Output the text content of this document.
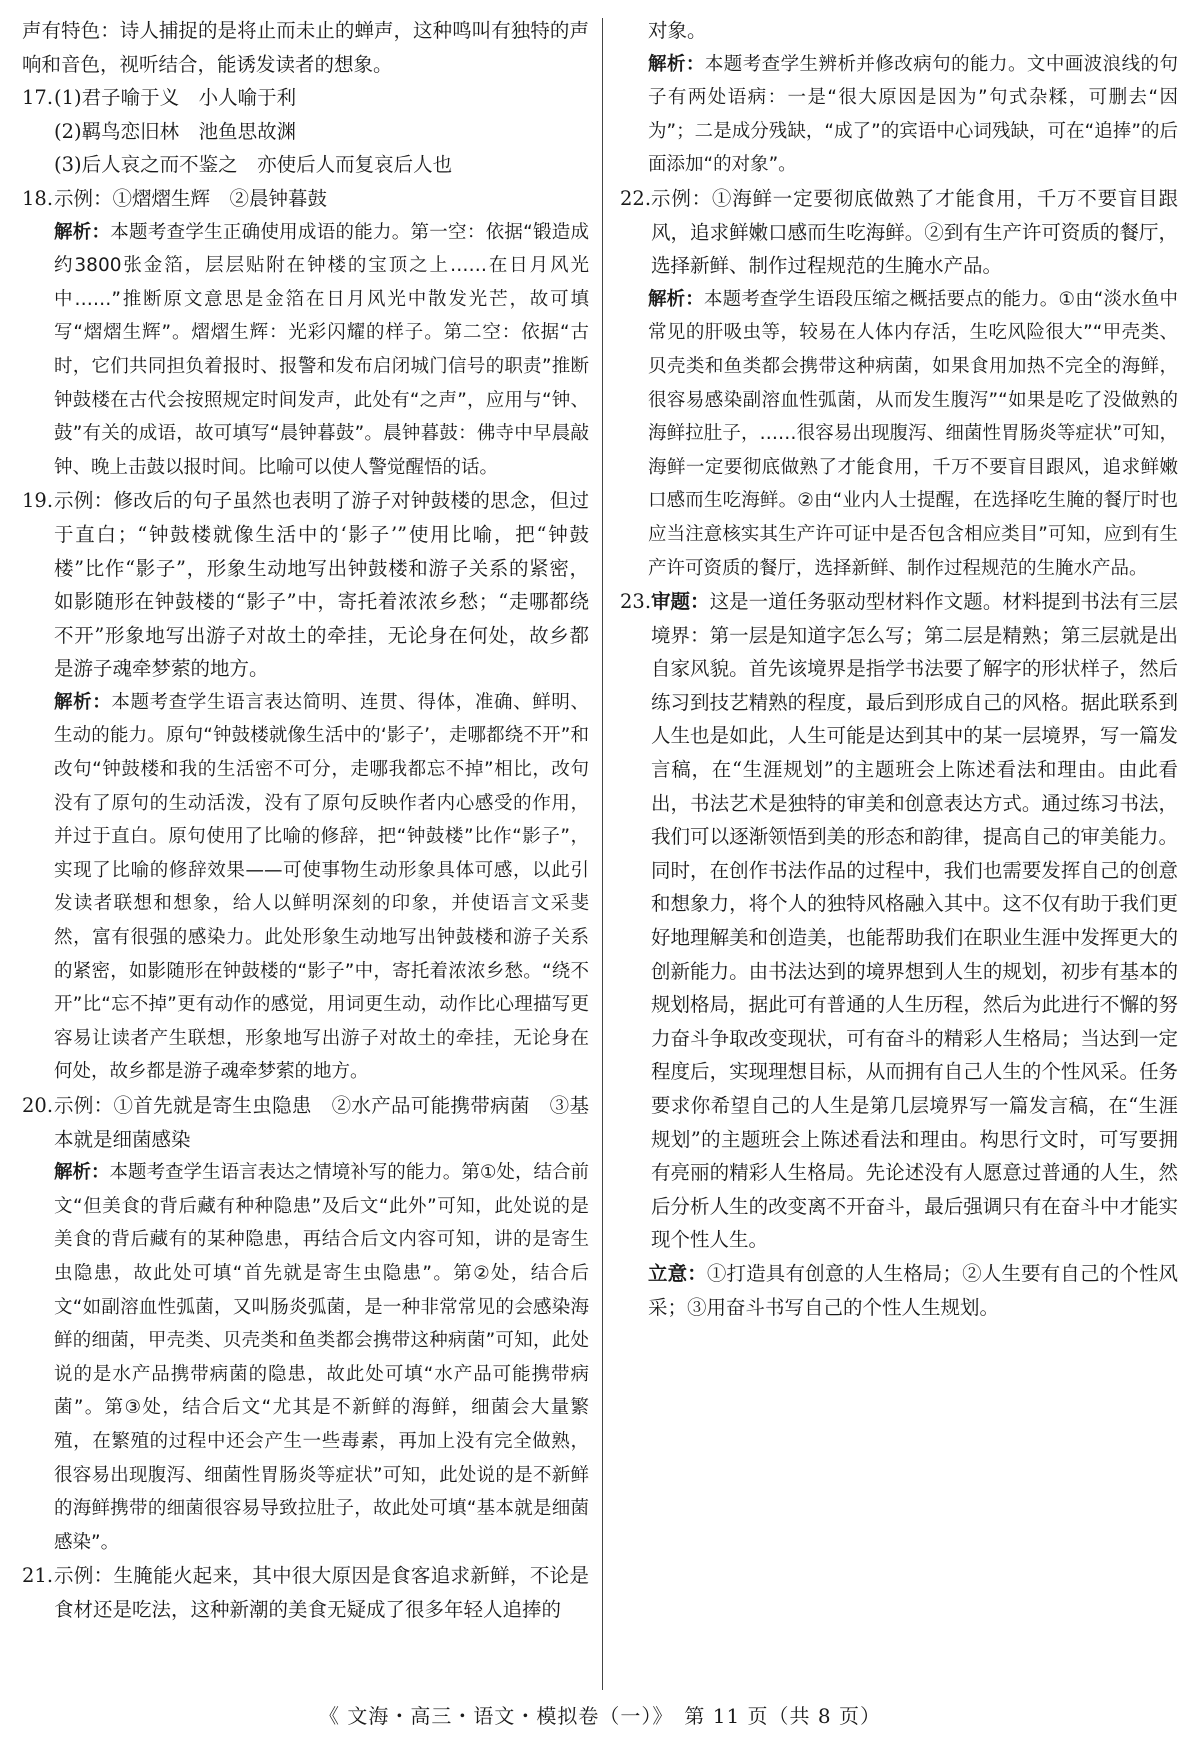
声有特色：诗人捕捉的是将止而未止的蝉声，这种鸣叫有独特的声响和音色，视听结合，能诱发读者的想象。

17. (1)君子喻于义　小人喻于利

(2)羁鸟恋旧林　池鱼思故渊

(3)后人哀之而不鉴之　亦使后人而复哀后人也

18. 示例：①熠熠生辉　②晨钟暮鼓

解析：本题考查学生正确使用成语的能力。第一空：依据“锻造成约3800张金箔，层层贴附在钟楼的宝顶之上……在日月风光中……”推断原文意思是金箔在日月风光中散发光芒，故可填写“熠熠生辉”。熠熠生辉：光彩闪耀的样子。第二空：依据“古时，它们共同担负着报时、报警和发布启闭城门信号的职责”推断钟鼓楼在古代会按照规定时间发声，此处有“之声”，应用与“钟、鼓”有关的成语，故可填写“晨钟暮鼓”。晨钟暮鼓：佛寺中早晨敲钟、晚上击鼓以报时间。比喻可以使人警觉醒悟的话。

19. 示例：修改后的句子虽然也表明了游子对钟鼓楼的思念，但过于直白；“钟鼓楼就像生活中的‘影子’”使用比喻，把“钟鼓楼”比作“影子”，形象生动地写出钟鼓楼和游子关系的紧密，如影随形在钟鼓楼的“影子”中，寄托着浓浓乡愁；“走哪都绕不开”形象地写出游子对故土的牵挂，无论身在何处，故乡都是游子魂牵梦萦的地方。

解析：本题考查学生语言表达简明、连贯、得体，准确、鲜明、生动的能力。原句“钟鼓楼就像生活中的‘影子’，走哪都绕不开”和改句“钟鼓楼和我的生活密不可分，走哪我都忘不掉”相比，改句没有了原句的生动活泼，没有了原句反映作者内心感受的作用，并过于直白。原句使用了比喻的修辞，把“钟鼓楼”比作“影子”，实现了比喻的修辞效果——可使事物生动形象具体可感，以此引发读者联想和想象，给人以鲜明深刻的印象，并使语言文采斐然，富有很强的感染力。此处形象生动地写出钟鼓楼和游子关系的紧密，如影随形在钟鼓楼的“影子”中，寄托着浓浓乡愁。“绕不开”比“忘不掉”更有动作的感觉，用词更生动，动作比心理描写更容易让读者产生联想，形象地写出游子对故土的牵挂，无论身在何处，故乡都是游子魂牵梦萦的地方。

20. 示例：①首先就是寄生虫隐患　②水产品可能携带病菌　③基本就是细菌感染

解析：本题考查学生语言表达之情境补写的能力。第①处，结合前文“但美食的背后藏有种种隐患”及后文“此外”可知，此处说的是美食的背后藏有的某种隐患，再结合后文内容可知，讲的是寄生虫隐患，故此处可填“首先就是寄生虫隐患”。第②处，结合后文“如副溶血性弧菌，又叫肠炎弧菌，是一种非常常见的会感染海鲜的细菌，甲壳类、贝壳类和鱼类都会携带这种病菌”可知，此处说的是水产品携带病菌的隐患，故此处可填“水产品可能携带病菌”。第③处，结合后文“尤其是不新鲜的海鲜，细菌会大量繁殖，在繁殖的过程中还会产生一些毒素，再加上没有完全做熟，很容易出现腹泻、细菌性胃肠炎等症状”可知，此处说的是不新鲜的海鲜携带的细菌很容易导致拉肚子，故此处可填“基本就是细菌感染”。

21. 示例：生腌能火起来，其中很大原因是食客追求新鲜，不论是食材还是吃法，这种新潮的美食无疑成了很多年轻人追捧的

对象。

解析：本题考查学生辨析并修改病句的能力。文中画波浪线的句子有两处语病：一是“很大原因是因为”句式杂糅，可删去“因为”；二是成分残缺，“成了”的宾语中心词残缺，可在“追捧”的后面添加“的对象”。

22. 示例：①海鲜一定要彻底做熟了才能食用，千万不要盲目跟风，追求鲜嫩口感而生吃海鲜。②到有生产许可资质的餐厅，选择新鲜、制作过程规范的生腌水产品。

解析：本题考查学生语段压缩之概括要点的能力。①由“淡水鱼中常见的肝吸虫等，较易在人体内存活，生吃风险很大”“甲壳类、贝壳类和鱼类都会携带这种病菌，如果食用加热不完全的海鲜，很容易感染副溶血性弧菌，从而发生腹泻”“如果是吃了没做熟的海鲜拉肚子，……很容易出现腹泻、细菌性胃肠炎等症状”可知，海鲜一定要彻底做熟了才能食用，千万不要盲目跟风，追求鲜嫩口感而生吃海鲜。②由“业内人士提醒，在选择吃生腌的餐厅时也应当注意核实其生产许可证中是否包含相应类目”可知，应到有生产许可资质的餐厅，选择新鲜、制作过程规范的生腌水产品。

23. 审题：这是一道任务驱动型材料作文题。材料提到书法有三层境界：第一层是知道字怎么写；第二层是精熟；第三层就是出自家风貌。首先该境界是指学书法要了解字的形状样子，然后练习到技艺精熟的程度，最后到形成自己的风格。据此联系到人生也是如此，人生可能是达到其中的某一层境界，写一篇发言稿，在“生涯规划”的主题班会上陈述看法和理由。由此看出，书法艺术是独特的审美和创意表达方式。通过练习书法，我们可以逐渐领悟到美的形态和韵律，提高自己的审美能力。同时，在创作书法作品的过程中，我们也需要发挥自己的创意和想象力，将个人的独特风格融入其中。这不仅有助于我们更好地理解美和创造美，也能帮助我们在职业生涯中发挥更大的创新能力。由书法达到的境界想到人生的规划，初步有基本的规划格局，据此可有普通的人生历程，然后为此进行不懈的努力奋斗争取改变现状，可有奋斗的精彩人生格局；当达到一定程度后，实现理想目标，从而拥有自己人生的个性风采。任务要求你希望自己的人生是第几层境界写一篇发言稿，在“生涯规划”的主题班会上陈述看法和理由。构思行文时，可写要拥有亮丽的精彩人生格局。先论述没有人愿意过普通的人生，然后分析人生的改变离不开奋斗，最后强调只有在奋斗中才能实现个性人生。

立意：①打造具有创意的人生格局；②人生要有自己的个性风采；③用奋斗书写自己的个性人生规划。

《 文海・高三・语文・模拟卷（一）》　第 11 页（共 8 页）
